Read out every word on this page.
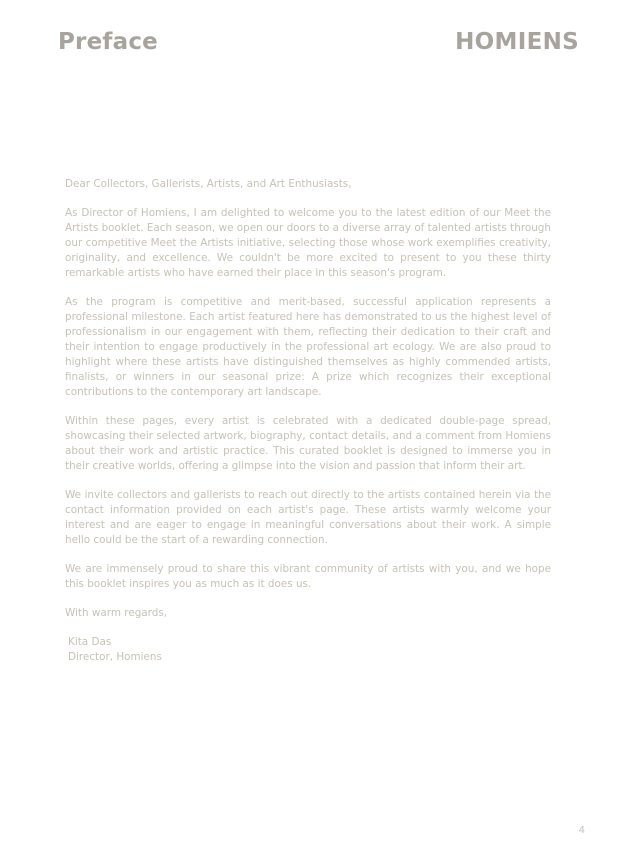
Preface	HOMIENS

Dear Collectors, Gallerists, Artists, and Art Enthusiasts,

As Director of Homiens, I am delighted to welcome you to the latest edition of our Meet the Artists booklet. Each season, we open our doors to a diverse array of talented artists through our competitive Meet the Artists initiative, selecting those whose work exemplifies creativity, originality, and excellence. We couldn't be more excited to present to you these thirty remarkable artists who have earned their place in this season's program.

As the program is competitive and merit-based, successful application represents a professional milestone. Each artist featured here has demonstrated to us the highest level of professionalism in our engagement with them, reflecting their dedication to their craft and their intention to engage productively in the professional art ecology. We are also proud to highlight where these artists have distinguished themselves as highly commended artists, finalists, or winners in our seasonal prize: A prize which recognizes their exceptional contributions to the contemporary art landscape.

Within these pages, every artist is celebrated with a dedicated double-page spread, showcasing their selected artwork, biography, contact details, and a comment from Homiens about their work and artistic practice. This curated booklet is designed to immerse you in their creative worlds, offering a glimpse into the vision and passion that inform their art.

We invite collectors and gallerists to reach out directly to the artists contained herein via the contact information provided on each artist's page. These artists warmly welcome your interest and are eager to engage in meaningful conversations about their work. A simple hello could be the start of a rewarding connection.

We are immensely proud to share this vibrant community of artists with you, and we hope this booklet inspires you as much as it does us.

With warm regards,

Kita Das
Director, Homiens
4
